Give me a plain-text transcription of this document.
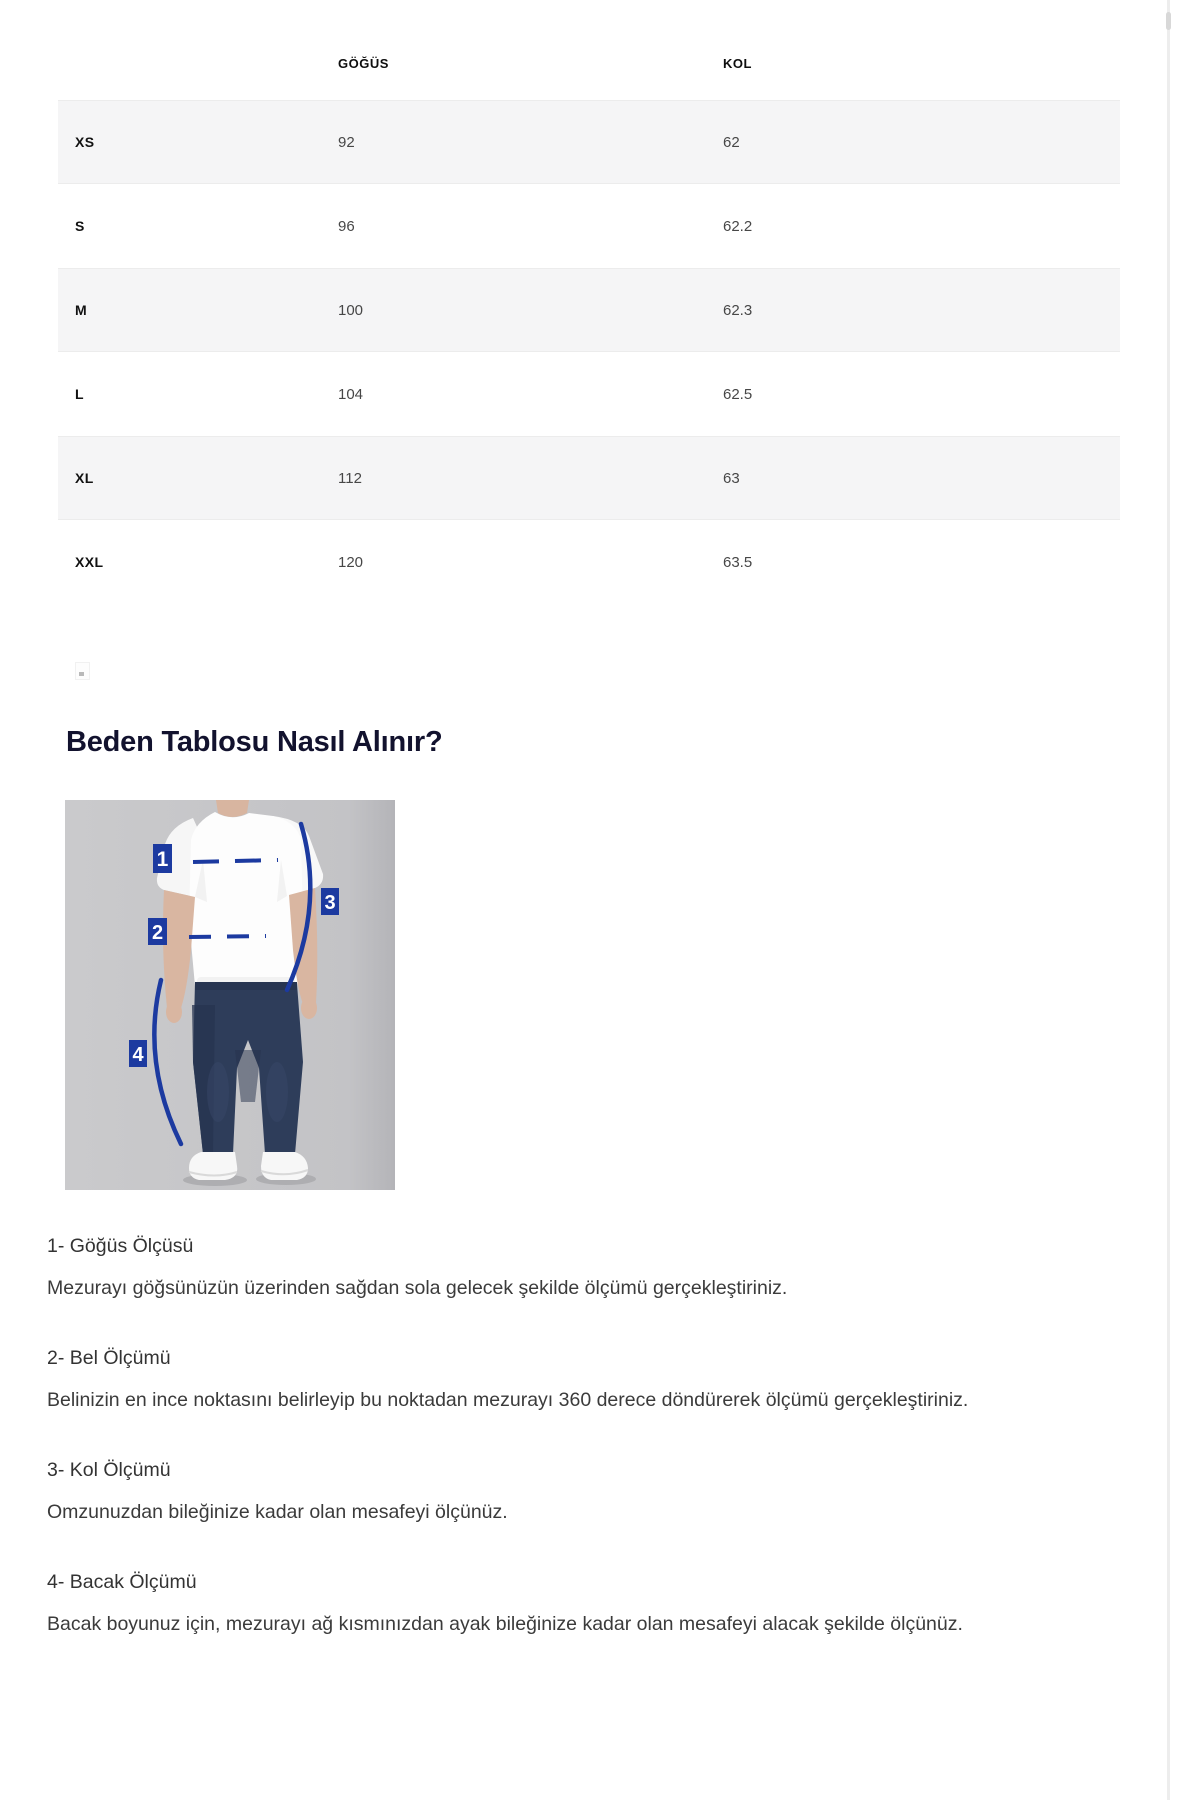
	GÖĞÜS	KOL
XS	92	62
S	96	62.2
M	100	62.3
L	104	62.5
XL	112	63
XXL	120	63.5
Beden Tablosu Nasıl Alınır?
1
2
3
4

1- Göğüs Ölçüsü

Mezurayı göğsünüzün üzerinden sağdan sola gelecek şekilde ölçümü gerçekleştiriniz.

2- Bel Ölçümü

Belinizin en ince noktasını belirleyip bu noktadan mezurayı 360 derece döndürerek ölçümü gerçekleştiriniz.

3- Kol Ölçümü

Omzunuzdan bileğinize kadar olan mesafeyi ölçünüz.

4- Bacak Ölçümü

Bacak boyunuz için, mezurayı ağ kısmınızdan ayak bileğinize kadar olan mesafeyi alacak şekilde ölçünüz.
